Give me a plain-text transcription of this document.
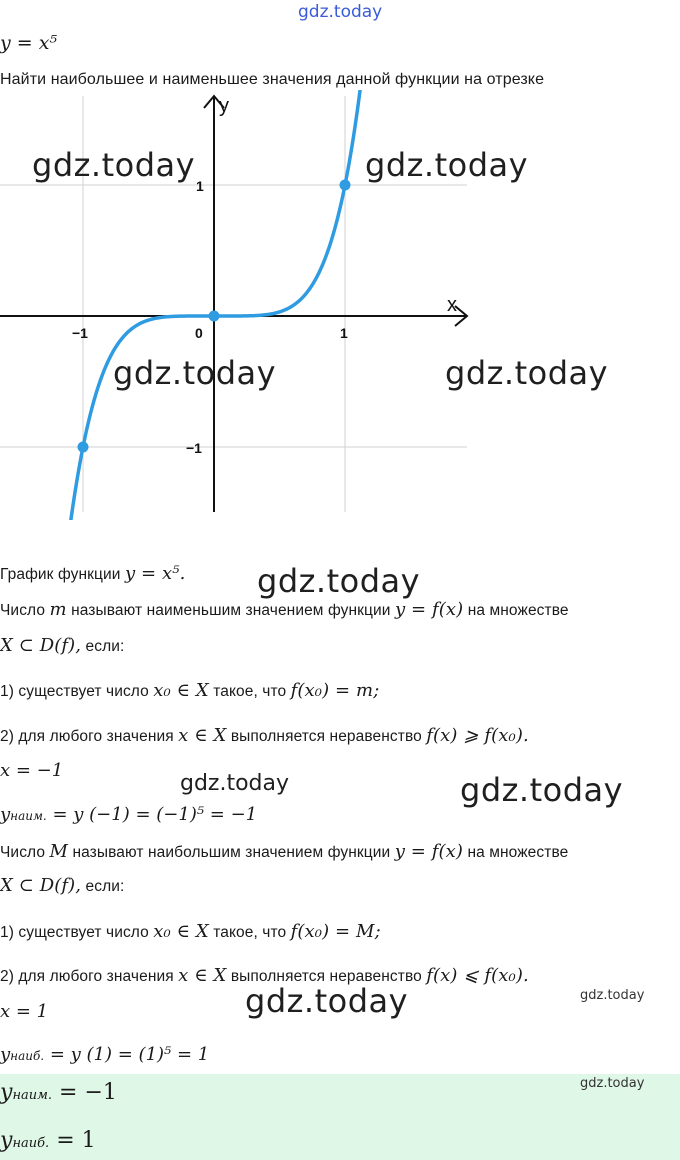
gdz.today
y = x⁵
Найти наибольшее и наименьшее значения данной функции на отрезке
x
y
−1	0	1
1
−1
gdz.today	gdz.today
gdz.today	gdz.today
График функции y = x⁵. gdz.today
Число m называют наименьшим значением функции y = f(x) на множестве
X ⊂ D(f), если:
1) существует число x₀ ∈ X такое, что f(x₀) = m;
2) для любого значения x ∈ X выполняется неравенство f(x) ⩾ f(x₀).
x = −1
gdz.today	gdz.today
yнаим. = y (−1) = (−1)⁵ = −1
Число M называют наибольшим значением функции y = f(x) на множестве
X ⊂ D(f), если:
1) существует число x₀ ∈ X такое, что f(x₀) = M;
2) для любого значения x ∈ X выполняется неравенство f(x) ⩽ f(x₀).
gdz.today
gdz.today
x = 1
yнаиб. = y (1) = (1)⁵ = 1
yнаим. = −1
yнаиб. = 1
gdz.today
